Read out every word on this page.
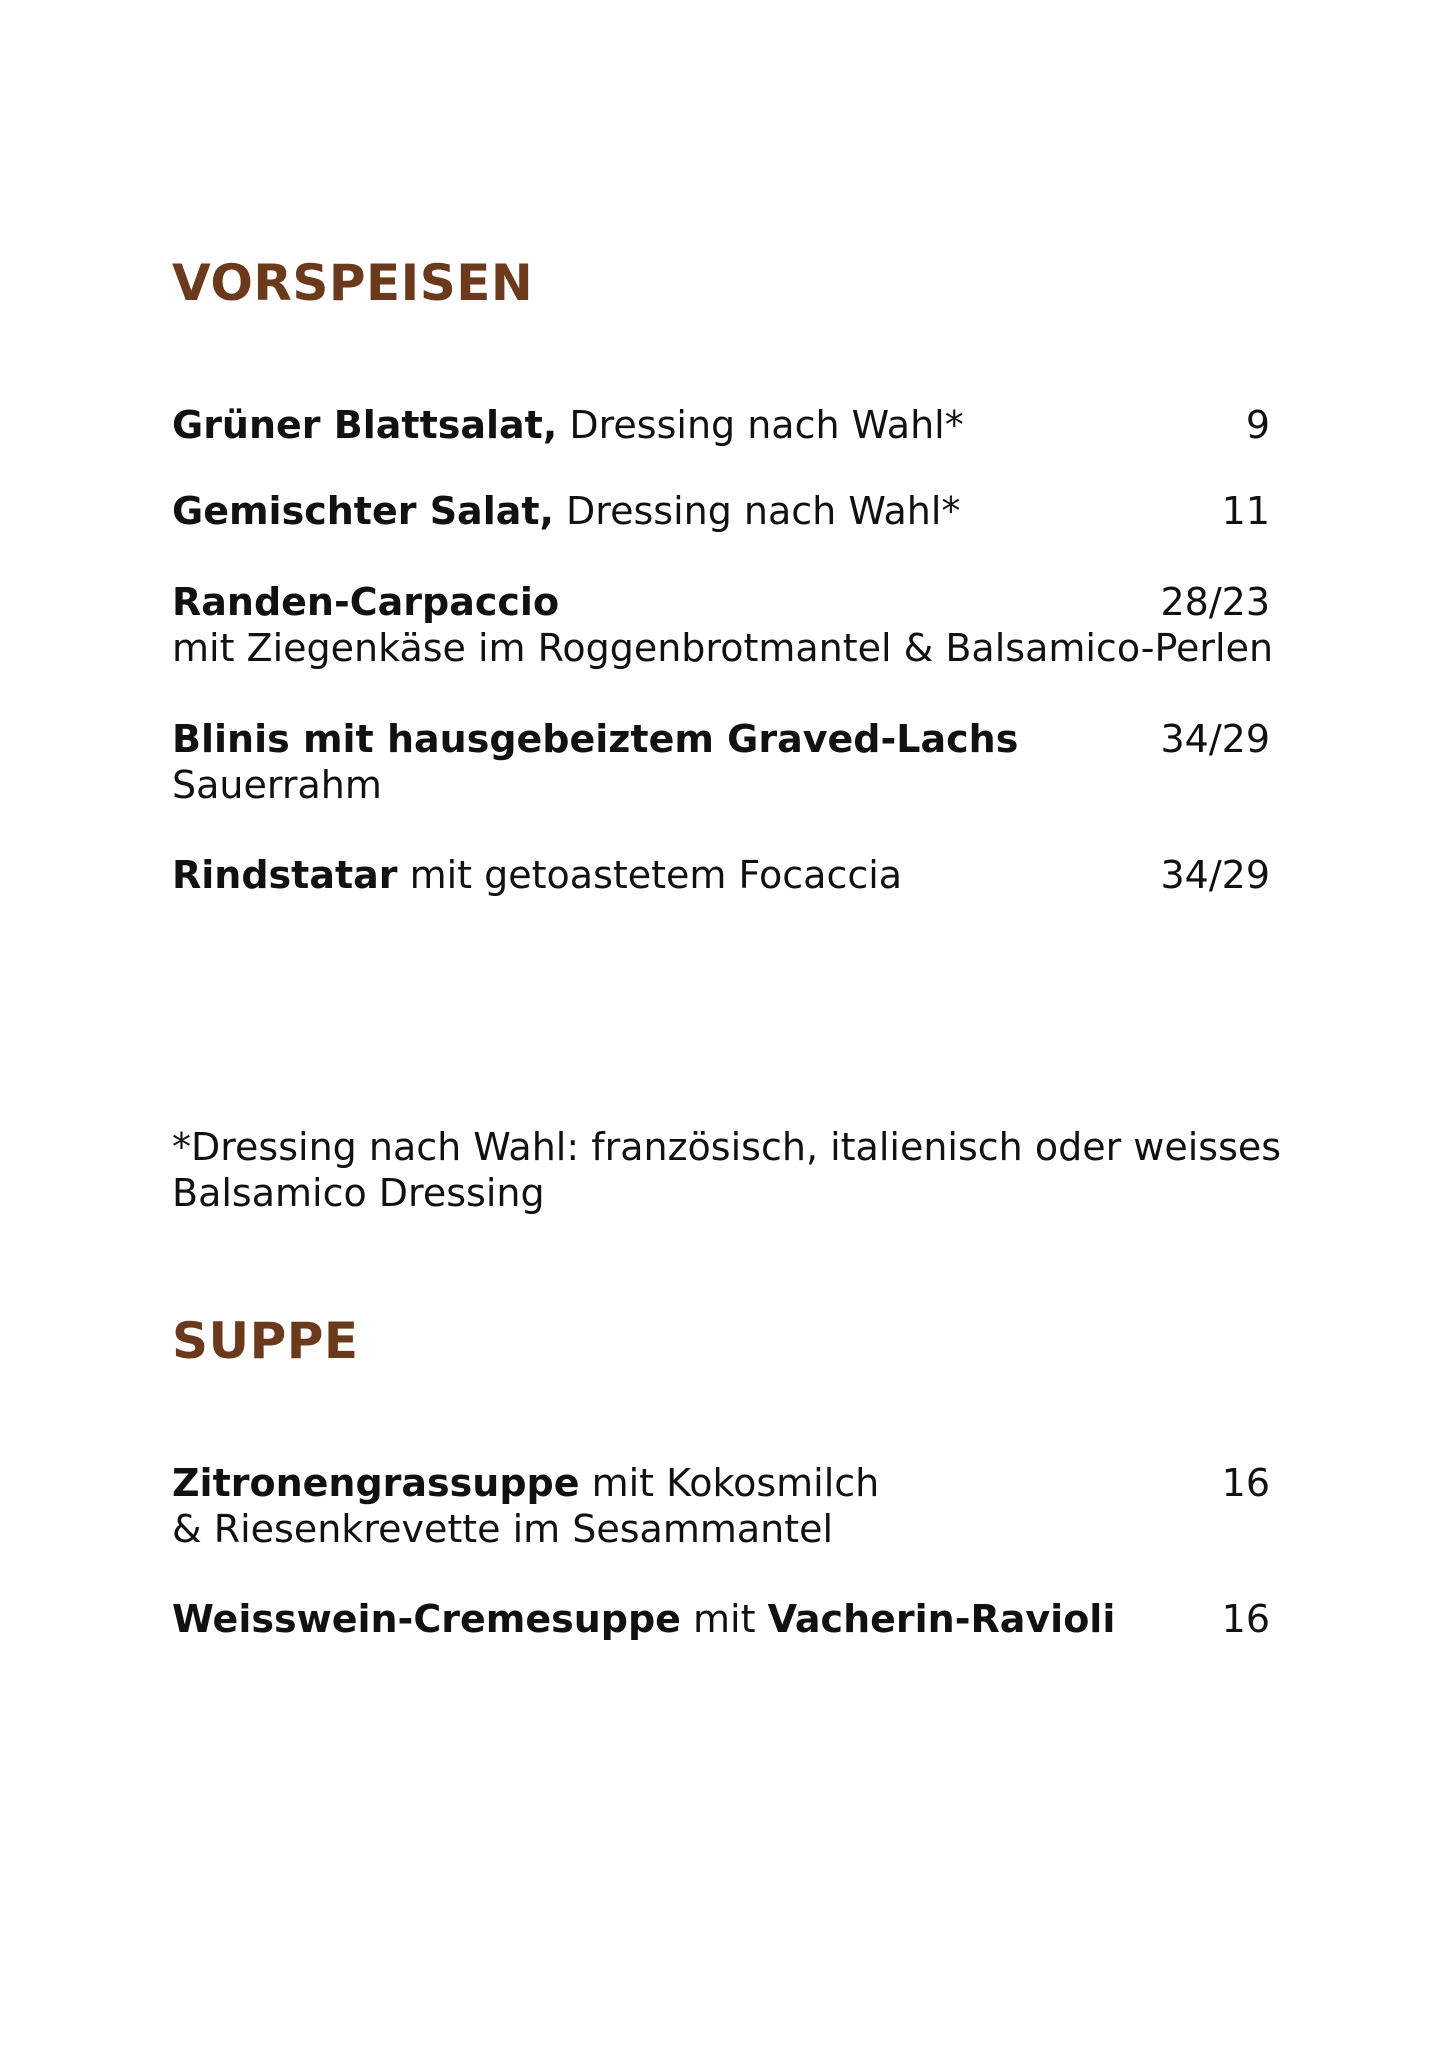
VORSPEISEN
Grüner Blattsalat, Dressing nach Wahl*	9
Gemischter Salat, Dressing nach Wahl*	11
Randen-Carpaccio	28/23
mit Ziegenkäse im Roggenbrotmantel & Balsamico-Perlen
Blinis mit hausgebeiztem Graved-Lachs	34/29
Sauerrahm
Rindstatar mit getoastetem Focaccia	34/29
*Dressing nach Wahl: französisch, italienisch oder weisses
Balsamico Dressing
SUPPE
Zitronengrassuppe mit Kokosmilch	16
& Riesenkrevette im Sesammantel
Weisswein-Cremesuppe mit Vacherin-Ravioli	16
